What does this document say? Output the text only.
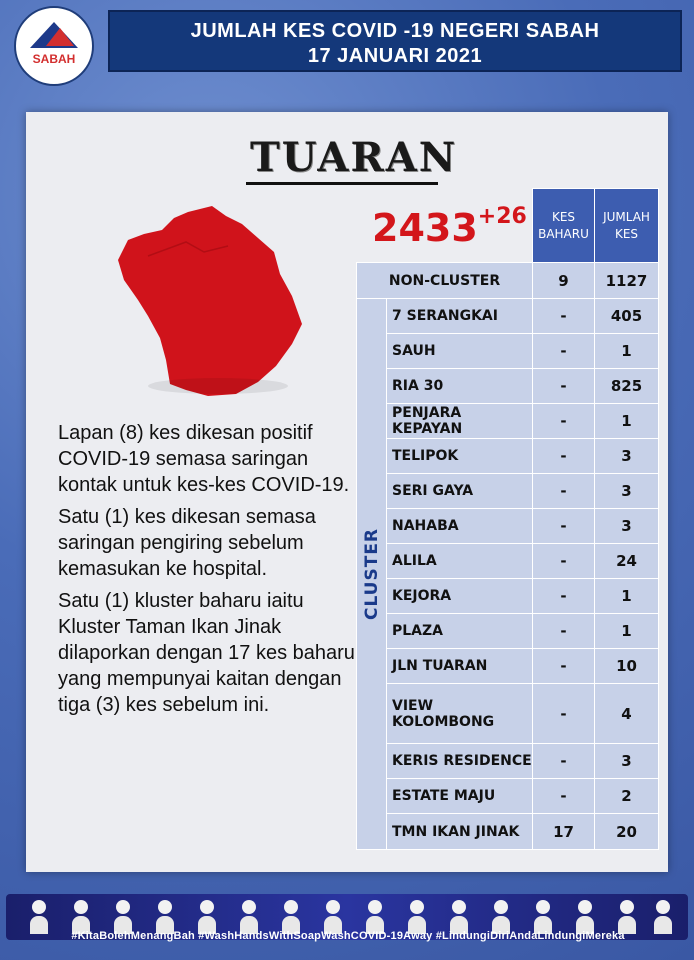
SABAH
JUMLAH KES COVID -19 NEGERI SABAH
17 JANUARI 2021
TUARAN
$2433^{+26}$

Lapan (8) kes dikesan positif COVID-19 semasa saringan kontak untuk kes-kes COVID-19.

Satu (1) kes dikesan semasa saringan pengiring sebelum kemasukan ke hospital.

Satu (1) kluster baharu iaitu Kluster Taman Ikan Jinak dilaporkan dengan 17 kes baharu yang mempunyai kaitan dengan tiga (3) kes sebelum ini.

		KES BAHARU	JUMLAH KES
NON-CLUSTER		9	1127

CLUSTER	7 SERANGKAI	-	405
	SAUH	-	1
	RIA 30	-	825
	PENJARA KEPAYAN	-	1
	TELIPOK	-	3
	SERI GAYA	-	3
	NAHABA	-	3
	ALILA	-	24
	KEJORA	-	1
	PLAZA	-	1
	JLN TUARAN	-	10
	VIEW KOLOMBONG	-	4
	KERIS RESIDENCE	-	3
	ESTATE MAJU	-	2
	TMN IKAN JINAK	17	20
#KitaBolehMenangBah #WashHandsWithSoapWashCOVID-19Away #LindungiDiriAndaLindungiMereka
